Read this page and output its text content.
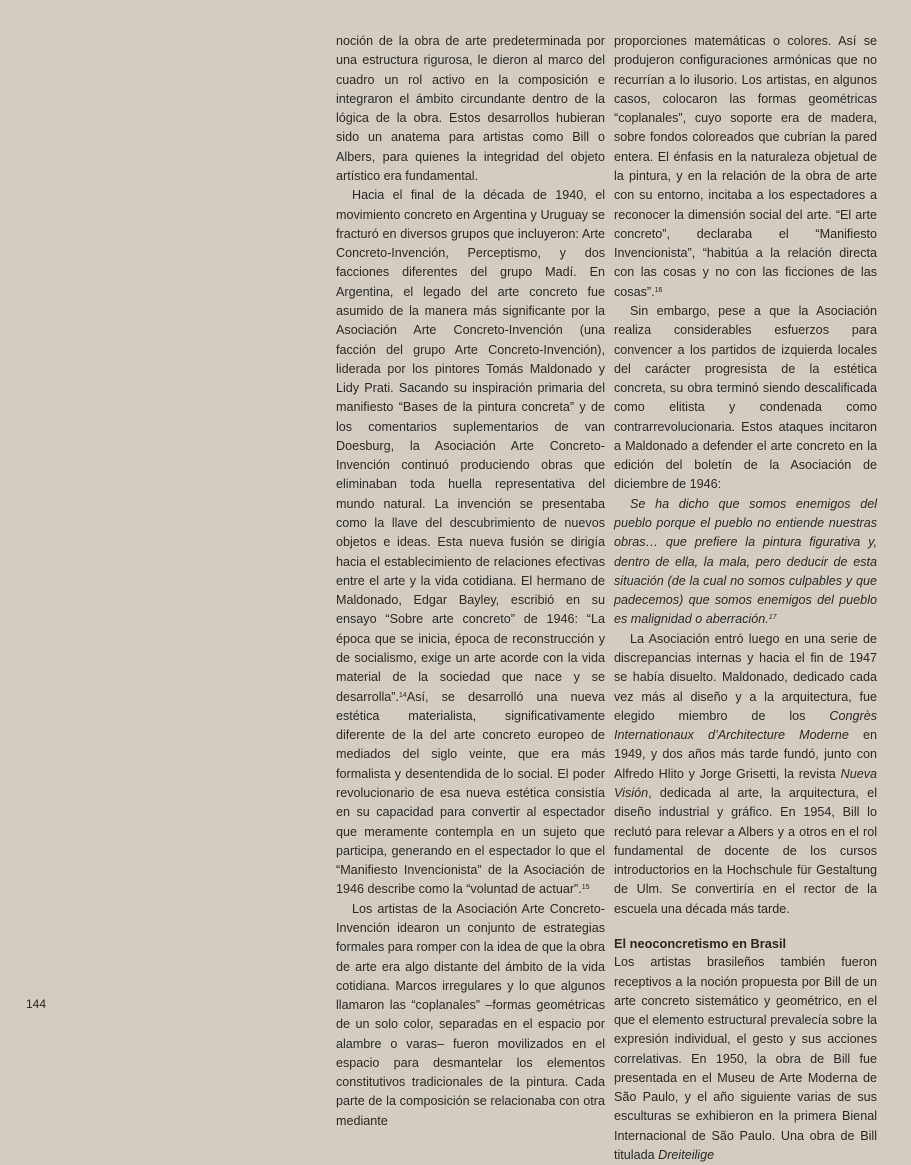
noción de la obra de arte predeterminada por una estructura rigurosa, le dieron al marco del cuadro un rol activo en la composición e integraron el ámbito circundante dentro de la lógica de la obra. Estos desarrollos hubieran sido un anatema para artistas como Bill o Albers, para quienes la integridad del objeto artístico era fundamental.

Hacia el final de la década de 1940, el movimiento concreto en Argentina y Uruguay se fracturó en diversos grupos que incluyeron: Arte Concreto-Invención, Perceptismo, y dos facciones diferentes del grupo Madí. En Argentina, el legado del arte concreto fue asumido de la manera más significante por la Asociación Arte Concreto-Invención (una facción del grupo Arte Concreto-Invención), liderada por los pintores Tomás Maldonado y Lidy Prati. Sacando su inspiración primaria del manifiesto “Bases de la pintura concreta” y de los comentarios suplementarios de van Doesburg, la Asociación Arte Concreto-Invención continuó produciendo obras que eliminaban toda huella representativa del mundo natural. La invención se presentaba como la llave del descubrimiento de nuevos objetos e ideas. Esta nueva fusión se dirigía hacia el establecimiento de relaciones efectivas entre el arte y la vida cotidiana. El hermano de Maldonado, Edgar Bayley, escribió en su ensayo “Sobre arte concreto” de 1946: “La época que se inicia, época de reconstrucción y de socialismo, exige un arte acorde con la vida material de la sociedad que nace y se desarrolla”.$^{14}$Así, se desarrolló una nueva estética materialista, significativamente diferente de la del arte concreto europeo de mediados del siglo veinte, que era más formalista y desentendida de lo social. El poder revolucionario de esa nueva estética consistía en su capacidad para convertir al espectador que meramente contempla en un sujeto que participa, generando en el espectador lo que el “Manifiesto Invencionista” de la Asociación de 1946 describe como la “voluntad de actuar”.$^{15}$

Los artistas de la Asociación Arte Concreto-Invención idearon un conjunto de estrategias formales para romper con la idea de que la obra de arte era algo distante del ámbito de la vida cotidiana. Marcos irregulares y lo que algunos llamaron las “coplanales” –formas geométricas de un solo color, separadas en el espacio por alambre o varas– fueron movilizados en el espacio para desmantelar los elementos constitutivos tradicionales de la pintura. Cada parte de la composición se relacionaba con otra mediante

proporciones matemáticas o colores. Así se produjeron configuraciones armónicas que no recurrían a lo ilusorio. Los artistas, en algunos casos, colocaron las formas geométricas “coplanales”, cuyo soporte era de madera, sobre fondos coloreados que cubrían la pared entera. El énfasis en la naturaleza objetual de la pintura, y en la relación de la obra de arte con su entorno, incitaba a los espectadores a reconocer la dimensión social del arte. “El arte concreto”, declaraba el “Manifiesto Invencionista”, “habitúa a la relación directa con las cosas y no con las ficciones de las cosas”.$^{16}$

Sin embargo, pese a que la Asociación realiza considerables esfuerzos para convencer a los partidos de izquierda locales del carácter progresista de la estética concreta, su obra terminó siendo descalificada como elitista y condenada como contrarrevolucionaria. Estos ataques incitaron a Maldonado a defender el arte concreto en la edición del boletín de la Asociación de diciembre de 1946:

Se ha dicho que somos enemigos del pueblo porque el pueblo no entiende nuestras obras… que prefiere la pintura figurativa y, dentro de ella, la mala, pero deducir de esta situación (de la cual no somos culpables y que padecemos) que somos enemigos del pueblo es malignidad o aberración.$^{17}$

La Asociación entró luego en una serie de discrepancias internas y hacia el fin de 1947 se había disuelto. Maldonado, dedicado cada vez más al diseño y a la arquitectura, fue elegido miembro de los Congrès Internationaux d’Architecture Moderne en 1949, y dos años más tarde fundó, junto con Alfredo Hlito y Jorge Grisetti, la revista Nueva Visión, dedicada al arte, la arquitectura, el diseño industrial y gráfico. En 1954, Bill lo reclutó para relevar a Albers y a otros en el rol fundamental de docente de los cursos introductorios en la Hochschule für Gestaltung de Ulm. Se convertiría en el rector de la escuela una década más tarde.

El neoconcretismo en Brasil

Los artistas brasileños también fueron receptivos a la noción propuesta por Bill de un arte concreto sistemático y geométrico, en el que el elemento estructural prevalecía sobre la expresión individual, el gesto y sus acciones correlativas. En 1950, la obra de Bill fue presentada en el Museu de Arte Moderna de São Paulo, y el año siguiente varias de sus esculturas se exhibieron en la primera Bienal Internacional de São Paulo. Una obra de Bill titulada Dreiteilige

144
